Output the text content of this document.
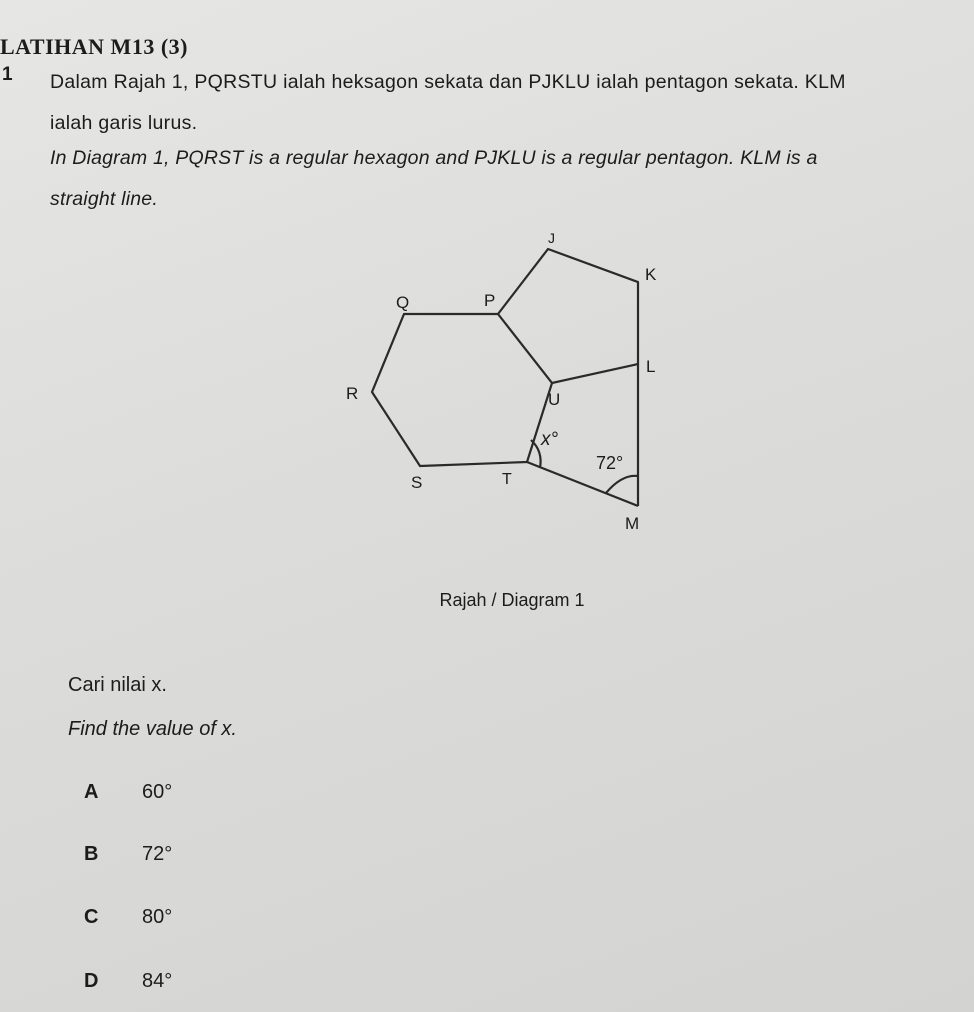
LATIHAN M13 (3)
1 Dalam Rajah 1, PQRSTU ialah heksagon sekata dan PJKLU ialah pentagon sekata. KLM
ialah garis lurus.
In Diagram 1, PQRST is a regular hexagon and PJKLU is a regular pentagon. KLM is a
straight line.
J
K
L
M
P
Q
R
S	T
U
x°
72°
Rajah / Diagram 1
Cari nilai x.
Find the value of x.
A	60°
B	72°
C	80°
D	84°
